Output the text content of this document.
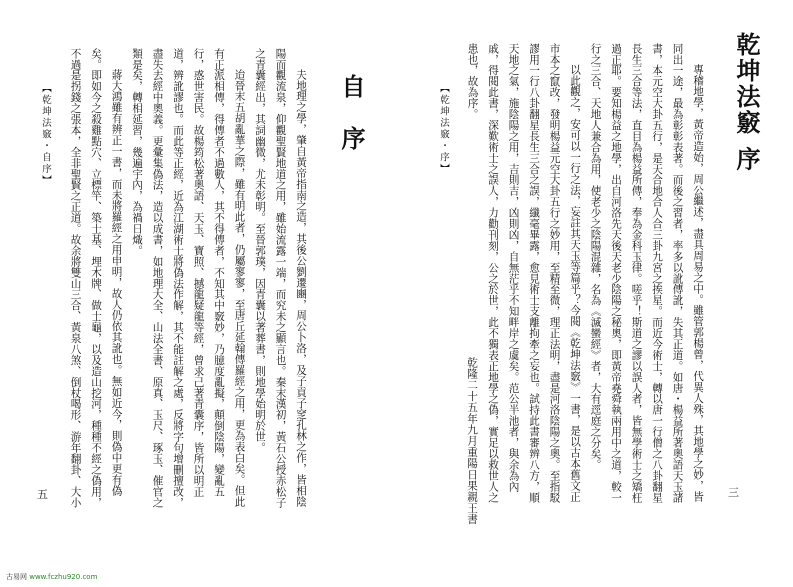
自　序
夫地理之學，肇自黃帝指南之造，其後公劉遷豳，周公卜洛，及子貢子窆孔林之作，皆相陰
陽而觀流泉，仰觀聖賢地道之用，雖始流露一端，而究未之顯言也。秦末漢初，黃石公授赤松子
之青囊經出，其詞幽微，尤未彰明。至晉郭璞，因青囊以著葬書，則地學始明於世。
迨晉末五胡亂華之際，雖有明此者，仍屬寥寥，至唐丘延翰傳羅經之用，更為表白矣。但此
有正派相傳，得傳者不過數人，其不得傳者，不知其中竅妙，乃臆度亂擬，顛倒陰陽，變亂五
行，惑世害民。故楊筠松著奧語、天玉、寶照、撼龍疑龍等經，曾求己著青囊序，皆所以明正
道，辨訛謬也。而此等正經，近為江湖術士將偽法作解，其不能註解之處，反將字句增刪擅改，
盡失去經中奧義。更彙集偽法，造以成書，如地理大全、山法全書、原真、玉尺、琢玉、催官之
類是矣，轉相延習，幾遍宇內，為禍日熾。
蔣大鴻雖有辨正一書，而未將羅經之用申明，故人仍依其訛也。無如近今，則偽中更有偽
矣。即如今之殺雞點穴、立標竿、築士基、埋木牌、做士龜，以及造山挖河，種種不經之偽用，
不過是拐錢之張本，全非聖賢之正道。故余將雙山三合、黃泉八煞、倒杖喝形、游年翻卦、大小
【乾坤法竅・自序】
五
乾坤法竅 序
專稽地學，黃帝造始，周公繼述，盡具周易之中。雖管郭楊曾，代異人殊，其地學之妙，皆
同出一途，最為彰彰表著。而後之習者，率多以訛傳訛，失其正道。如唐・楊益所著奧語天玉諸
書，本元空大卦五行，是天合地合人合三卦九宮之挨星。而近今術士，轉以唐一行僧之八卦翻星
長生三合等法，直目為楊益所傳，奉為金科玉律。嗟乎！斯道之謬以誤人者，皆無學術士之矯枉
過正耶。要知楊益之地學，出自河洛先天後天老少陰陽之秘奧，即黃帝堯舜執兩用中之道，較一
行之三合、天地人兼合為用，使老少之陰陽混雜，名為《滅蠻經》者，大有逕庭之分矣。
以此觀之，安可以一行之法，妄註其天玉等篇乎？今閱《乾坤法竅》一書，是以古本舊文正
市本之竄改，發明楊益元空大卦五行之妙用，至精至微，理正法明，盡是河洛陰陽之奧。至指駁
謬用一行八卦翻星長生三合之誤，纖毫畢露，愈見術士支離拘牽之妄也。試持此書審辨八方，順
天地之氣，施陰陽之用，吉則吉，凶則凶，自無茫乎不知畔岸之虞矣。范公半池者，與余為內
戚，得閱此書，深歎術士之誤人，力勸刊刻，公之於世，此不獨表正地學之偽，實足以救世人之
患也，故為序。
乾隆二十五年九月重陽日果親王書
【乾坤法竅・序】
三
古易网 www.fczhu920.com
